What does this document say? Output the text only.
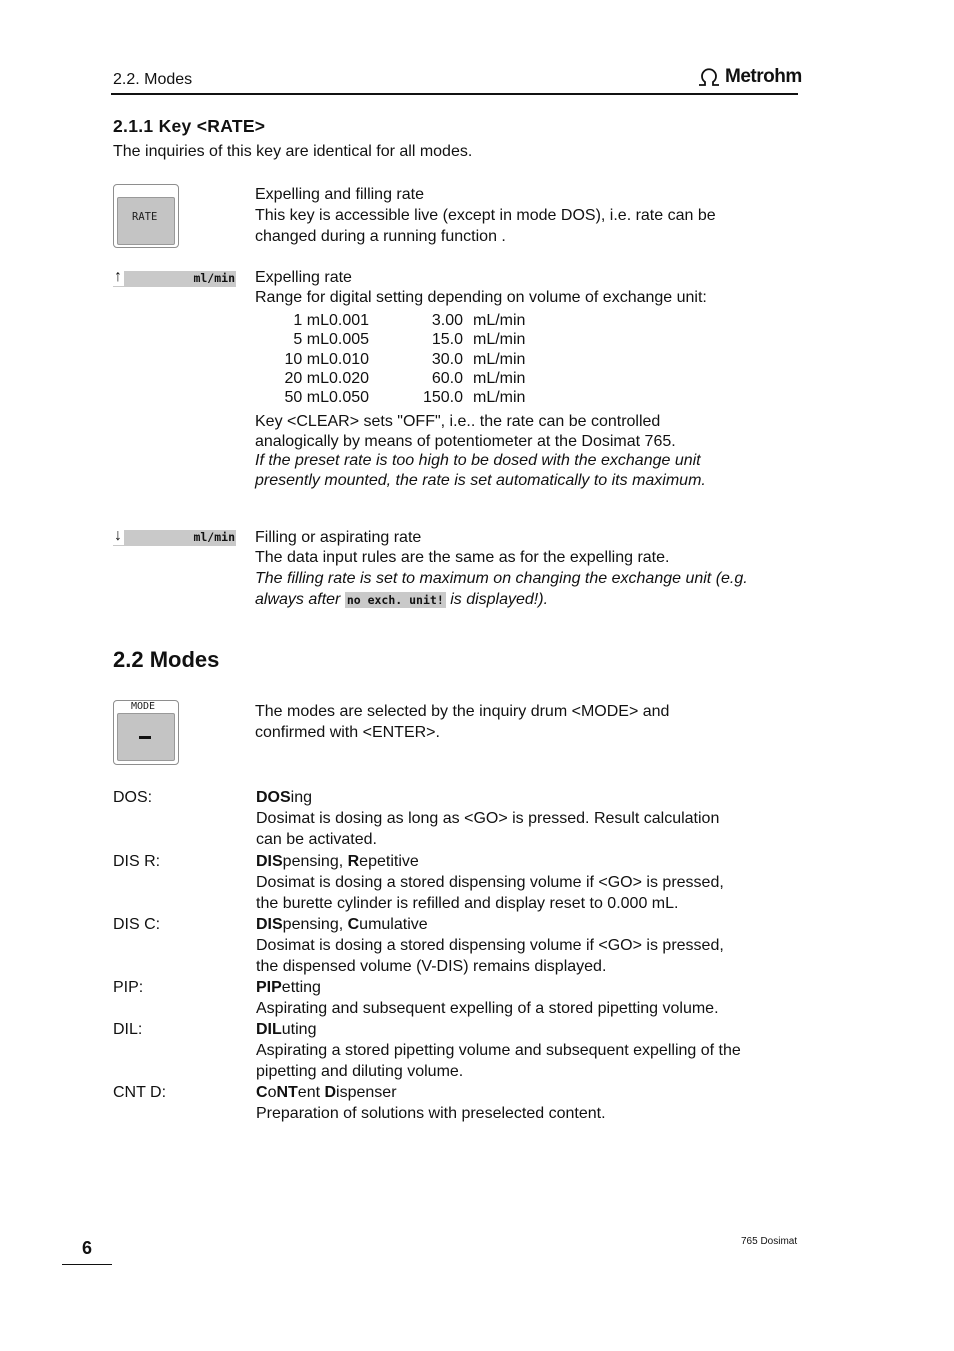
2.2. Modes	Metrohm
2.1.1 Key <RATE>
The inquiries of this key are identical for all modes.
RATE
Expelling and filling rate
This key is accessible live (except in mode DOS), i.e. rate can be
changed during a running function .
↑	ml/min Expelling rate
Range for digital setting depending on volume of exchange unit:
1 mL	0.001	3.00	mL/min
5 mL	0.005	15.0	mL/min
10 mL	0.010	30.0	mL/min
20 mL	0.020	60.0	mL/min
50 mL	0.050	150.0	mL/min
Key <CLEAR> sets "OFF", i.e.. the rate can be controlled
analogically by means of potentiometer at the Dosimat 765.
If the preset rate is too high to be dosed with the exchange unit
presently mounted, the rate is set automatically to its maximum.
↓	ml/min Filling or aspirating rate
The data input rules are the same as for the expelling rate.
The filling rate is set to maximum on changing the exchange unit (e.g.
always after no exch. unit! is displayed!).
2.2 Modes
MODE	The modes are selected by the inquiry drum <MODE> and
confirmed with <ENTER>.
DOS:	DOSing
Dosimat is dosing as long as <GO> is pressed. Result calculation
can be activated.
DIS R:	DISpensing, Repetitive
Dosimat is dosing a stored dispensing volume if <GO> is pressed,
the burette cylinder is refilled and display reset to 0.000 mL.
DIS C:	DISpensing, Cumulative
Dosimat is dosing a stored dispensing volume if <GO> is pressed,
the dispensed volume (V-DIS) remains displayed.
PIP:	PIPetting
Aspirating and subsequent expelling of a stored pipetting volume.
DIL:	DILuting
Aspirating a stored pipetting volume and subsequent expelling of the
pipetting and diluting volume.
CNT D:	CoNTent Dispenser
Preparation of solutions with preselected content.
6	765 Dosimat
